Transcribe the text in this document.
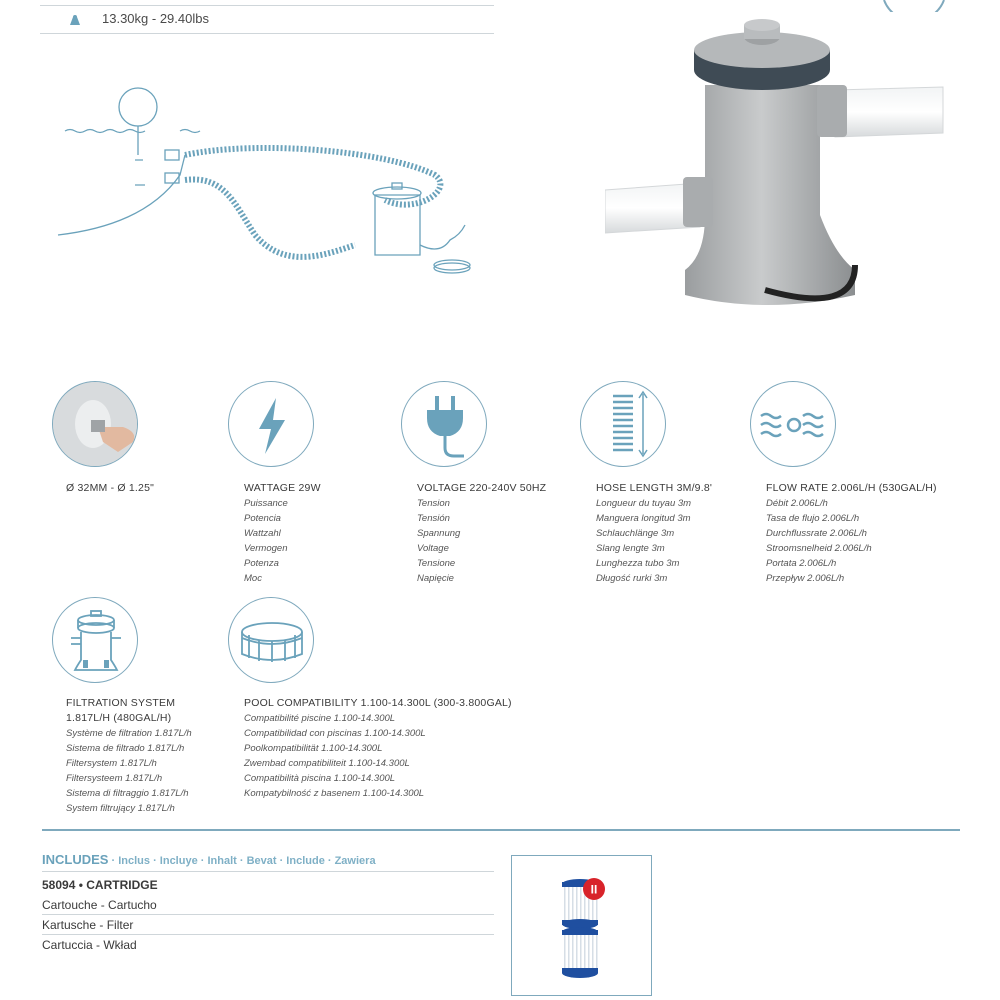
13.30kg - 29.40lbs
Ø 32MM - Ø 1.25"	WATTAGE 29W
Puissance
Potencia
Wattzahl
Vermogen
Potenza
Moc
VOLTAGE 220-240V 50HZ
Tension
Tensión
Spannung
Voltage
Tensione
Napięcie
HOSE LENGTH 3M/9.8'
Longueur du tuyau 3m
Manguera longitud 3m
Schlauchlänge 3m
Slang lengte 3m
Lunghezza tubo 3m
Długość rurki 3m
FLOW RATE 2.006L/H (530GAL/H)
Débit 2.006L/h
Tasa de flujo 2.006L/h
Durchflussrate 2.006L/h
Stroomsnelheid 2.006L/h
Portata 2.006L/h
Przepływ 2.006L/h
FILTRATION SYSTEM
1.817L/H (480GAL/H)
Système de filtration 1.817L/h
Sistema de filtrado 1.817L/h
Filtersystem 1.817L/h
Filtersysteem 1.817L/h
Sistema di filtraggio 1.817L/h
System filtrujący 1.817L/h
POOL COMPATIBILITY 1.100-14.300L (300-3.800GAL)
Compatibilité piscine 1.100-14.300L
Compatibilidad con piscinas 1.100-14.300L
Poolkompatibilität 1.100-14.300L
Zwembad compatibiliteit 1.100-14.300L
Compatibilità piscina 1.100-14.300L
Kompatybilność z basenem 1.100-14.300L
INCLUDES · Inclus · Incluye · Inhalt · Bevat · Include · Zawiera
58094 • CARTRIDGE
Cartouche - Cartucho
Kartusche - Filter
Cartuccia - Wkład
II
